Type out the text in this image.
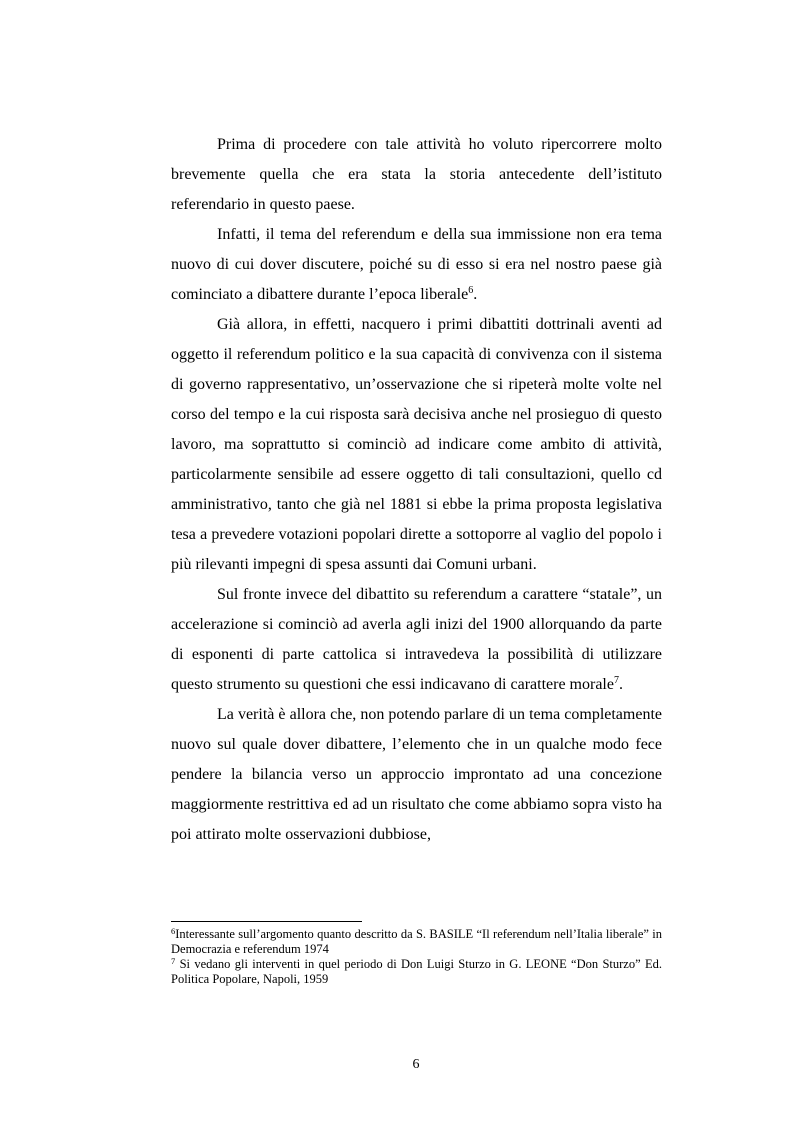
Prima di procedere con tale attività ho voluto ripercorrere molto brevemente quella che era stata la storia antecedente dell’istituto referendario in questo paese.

Infatti, il tema del referendum e della sua immissione non era tema nuovo di cui dover discutere, poiché su di esso si era nel nostro paese già cominciato a dibattere durante l’epoca liberale$^6$.

Già allora, in effetti, nacquero i primi dibattiti dottrinali aventi ad oggetto il referendum politico e la sua capacità di convivenza con il sistema di governo rappresentativo, un’osservazione che si ripeterà molte volte nel corso del tempo e la cui risposta sarà decisiva anche nel prosieguo di questo lavoro, ma soprattutto si cominciò ad indicare come ambito di attività, particolarmente sensibile ad essere oggetto di tali consultazioni, quello cd amministrativo, tanto che già nel 1881 si ebbe la prima proposta legislativa tesa a prevedere votazioni popolari dirette a sottoporre al vaglio del popolo i più rilevanti impegni di spesa assunti dai Comuni urbani.

Sul fronte invece del dibattito su referendum a carattere “statale”, un accelerazione si cominciò ad averla agli inizi del 1900 allorquando da parte di esponenti di parte cattolica si intravedeva la possibilità di utilizzare questo strumento su questioni che essi indicavano di carattere morale$^7$.

La verità è allora che, non potendo parlare di un tema completamente nuovo sul quale dover dibattere, l’elemento che in un qualche modo fece pendere la bilancia verso un approccio improntato ad una concezione maggiormente restrittiva ed ad un risultato che come abbiamo sopra visto ha poi attirato molte osservazioni dubbiose,

$^6$Interessante sull’argomento quanto descritto da S. BASILE “Il referendum nell’Italia liberale” in Democrazia e referendum 1974

$^7$ Si vedano gli interventi in quel periodo di Don Luigi Sturzo in G. LEONE “Don Sturzo” Ed. Politica Popolare, Napoli, 1959

6
